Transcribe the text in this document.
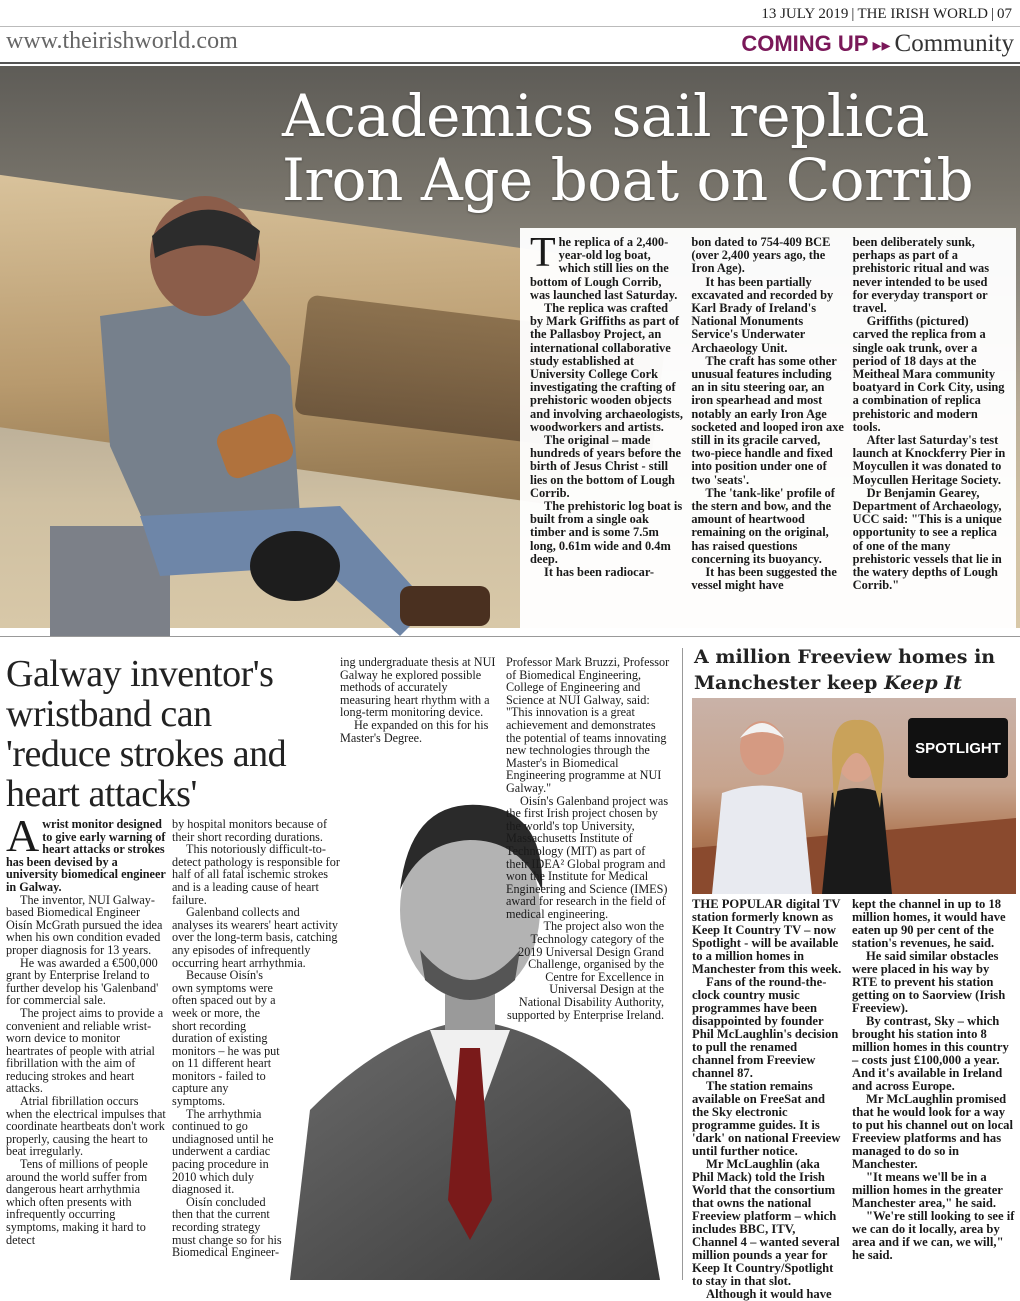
13 JULY 2019 | THE IRISH WORLD | 07
www.theirishworld.com	COMING UP ▸▸ Community
Academics sail replica
Iron Age boat on Corrib

The replica of a 2,400-year-old log boat, which still lies on the bottom of Lough Corrib, was launched last Saturday.

The replica was crafted by Mark Griffiths as part of the Pallasboy Project, an international collaborative study established at University College Cork investigating the crafting of prehistoric wooden objects and involving archaeologists, woodworkers and artists.

The original – made hundreds of years before the birth of Jesus Christ - still lies on the bottom of Lough Corrib.

The prehistoric log boat is built from a single oak timber and is some 7.5m long, 0.61m wide and 0.4m deep.

It has been radiocar-

bon dated to 754-409 BCE (over 2,400 years ago, the Iron Age).

It has been partially excavated and recorded by Karl Brady of Ireland's National Monuments Service's Underwater Archaeology Unit.

The craft has some other unusual features including an in situ steering oar, an iron spearhead and most notably an early Iron Age socketed and looped iron axe still in its gracile carved, two-piece handle and fixed into position under one of two 'seats'.

The 'tank-like' profile of the stern and bow, and the amount of heartwood remaining on the original, has raised questions concerning its buoyancy.

It has been suggested the vessel might have

been deliberately sunk, perhaps as part of a prehistoric ritual and was never intended to be used for everyday transport or travel.

Griffiths (pictured) carved the replica from a single oak trunk, over a period of 18 days at the Meitheal Mara community boatyard in Cork City, using a combination of replica prehistoric and modern tools.

After last Saturday's test launch at Knockferry Pier in Moycullen it was donated to Moycullen Heritage Society.

Dr Benjamin Gearey, Department of Archaeology, UCC said: "This is a unique opportunity to see a replica of one of the many prehistoric vessels that lie in the watery depths of Lough Corrib."

Galway inventor's wristband can 'reduce strokes and heart attacks'

Awrist monitor designed to give early warning of heart attacks or strokes has been devised by a university biomedical engineer in Galway.

The inventor, NUI Galway-based Biomedical Engineer Oisín McGrath pursued the idea when his own condition evaded proper diagnosis for 13 years.

He was awarded a €500,000 grant by Enterprise Ireland to further develop his 'Galenband' for commercial sale.

The project aims to provide a convenient and reliable wrist-worn device to monitor heartrates of people with atrial fibrillation with the aim of reducing strokes and heart attacks.

Atrial fibrillation occurs when the electrical impulses that coordinate heartbeats don't work properly, causing the heart to beat irregularly.

Tens of millions of people around the world suffer from dangerous heart arrhythmia which often presents with infrequently occurring symptoms, making it hard to detect

by hospital monitors because of their short recording durations.

This notoriously difficult-to-detect pathology is responsible for half of all fatal ischemic strokes and is a leading cause of heart failure.

Galenband collects and analyses its wearers' heart activity over the long-term basis, catching any episodes of infrequently occurring heart arrhythmia.

Because Oisín's own symptoms were often spaced out by a week or more, the short recording duration of existing monitors – he was put on 11 different heart monitors - failed to capture any symptoms.

The arrhythmia continued to go undiagnosed until he underwent a cardiac pacing procedure in 2010 which duly diagnosed it.

Oisín concluded then that the current recording strategy must change so for his Biomedical Engineer-

ing undergraduate thesis at NUI Galway he explored possible methods of accurately measuring heart rhythm with a long-term monitoring device.

He expanded on this for his Master's Degree.

Professor Mark Bruzzi, Professor of Biomedical Engineering, College of Engineering and Science at NUI Galway, said: "This innovation is a great achievement and demonstrates the potential of teams innovating new technologies through the Master's in Biomedical Engineering programme at NUI Galway."

Oisín's Galenband project was the first Irish project chosen by the world's top University, Massachusetts Institute of Technology (MIT) as part of their IDEA² Global program and won the Institute for Medical Engineering and Science (IMES) award for research in the field of medical engineering.

The project also won the Technology category of the 2019 Universal Design Grand Challenge, organised by the Centre for Excellence in Universal Design at the National Disability Authority, supported by Enterprise Ireland.

A million Freeview homes in Manchester keep Keep It
SPOTLIGHT

THE POPULAR digital TV station formerly known as Keep It Country TV – now Spotlight - will be available to a million homes in Manchester from this week.

Fans of the round-the-clock country music programmes have been disappointed by founder Phil McLaughlin's decision to pull the renamed channel from Freeview channel 87.

The station remains available on FreeSat and the Sky electronic programme guides. It is 'dark' on national Freeview until further notice.

Mr McLaughlin (aka Phil Mack) told the Irish World that the consortium that owns the national Freeview platform – which includes BBC, ITV, Channel 4 – wanted several million pounds a year for Keep It Country/Spotlight to stay in that slot.

Although it would have

kept the channel in up to 18 million homes, it would have eaten up 90 per cent of the station's revenues, he said.

He said similar obstacles were placed in his way by RTE to prevent his station getting on to Saorview (Irish Freeview).

By contrast, Sky – which brought his station into 8 million homes in this country – costs just £100,000 a year. And it's available in Ireland and across Europe.

Mr McLaughlin promised that he would look for a way to put his channel out on local Freeview platforms and has managed to do so in Manchester.

"It means we'll be in a million homes in the greater Manchester area," he said.

"We're still looking to see if we can do it locally, area by area and if we can, we will," he said.
